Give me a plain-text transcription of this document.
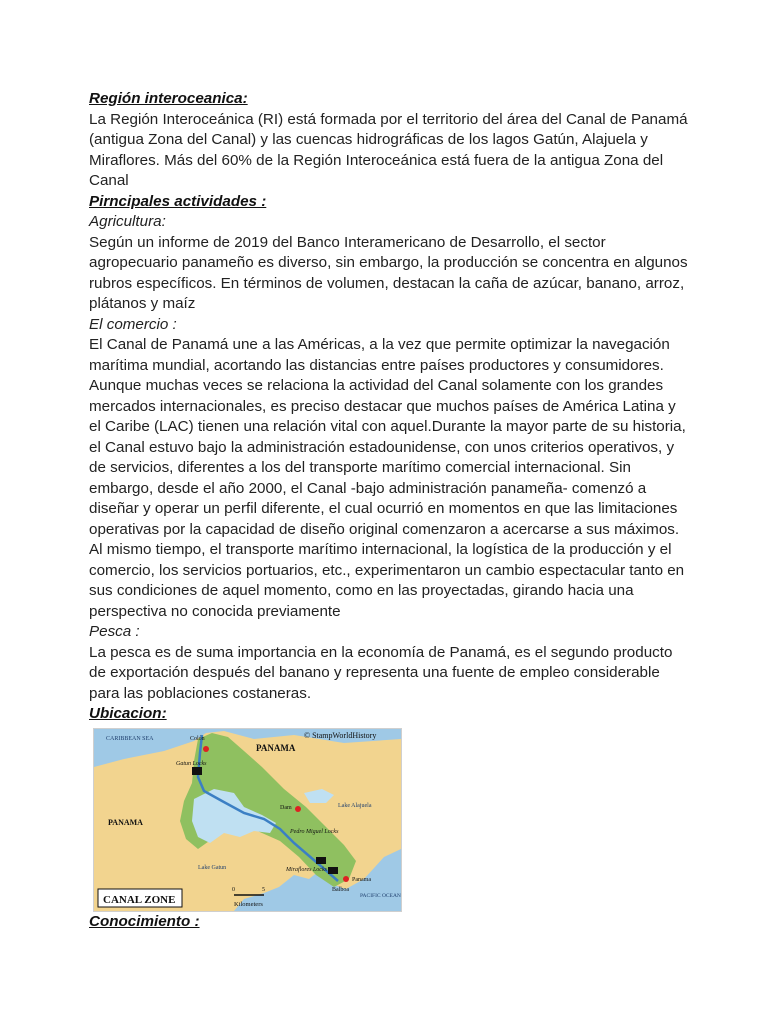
Región interoceanica:

La Región Interoceánica (RI) está formada por el territorio del área del Canal de Panamá (antigua Zona del Canal) y las cuencas hidrográficas de los lagos Gatún, Alajuela y Miraflores. Más del 60% de la Región Interoceánica está fuera de la antigua Zona del Canal

Pirncipales actividades :

Agricultura:

Según un informe de 2019 del Banco Interamericano de Desarrollo, el sector agropecuario panameño es diverso, sin embargo, la producción se concentra en algunos rubros específicos. En términos de volumen, destacan la caña de azúcar, banano, arroz, plátanos y maíz

El comercio :

El Canal de Panamá une a las Américas, a la vez que permite optimizar la navegación marítima mundial, acortando las distancias entre países productores y consumidores. Aunque muchas veces se relaciona la actividad del Canal solamente con los grandes mercados internacionales, es preciso destacar que muchos países de América Latina y el Caribe (LAC) tienen una relación vital con aquel.Durante la mayor parte de su historia, el Canal estuvo bajo la administración estadounidense, con unos criterios operativos, y de servicios, diferentes a los del transporte marítimo comercial internacional. Sin embargo, desde el año 2000, el Canal -bajo administración panameña- comenzó a diseñar y operar un perfil diferente, el cual ocurrió en momentos en que las limitaciones operativas por la capacidad de diseño original comenzaron a acercarse a sus máximos. Al mismo tiempo, el transporte marítimo internacional, la logística de la producción y el comercio, los servicios portuarios, etc., experimentaron un cambio espectacular tanto en sus condiciones de aquel momento, como en las proyectadas, girando hacia una perspectiva no conocida previamente

Pesca :

La pesca es de suma importancia en la economía de Panamá, es el segundo producto de exportación después del banano y representa una fuente de empleo considerable para las poblaciones costaneras.

Ubicacion:

© StampWorldHistory
CARIBBEAN SEA	Colón
PANAMA
Gatun Locks
Dam	Lake Alajuela
PANAMA
Pedro Miguel Locks
Lake Gatun	Miraflores Locks
Panama
Balboa
PACIFIC OCEAN
CANAL ZONE
0	5
Kilometers

Conocimiento :
